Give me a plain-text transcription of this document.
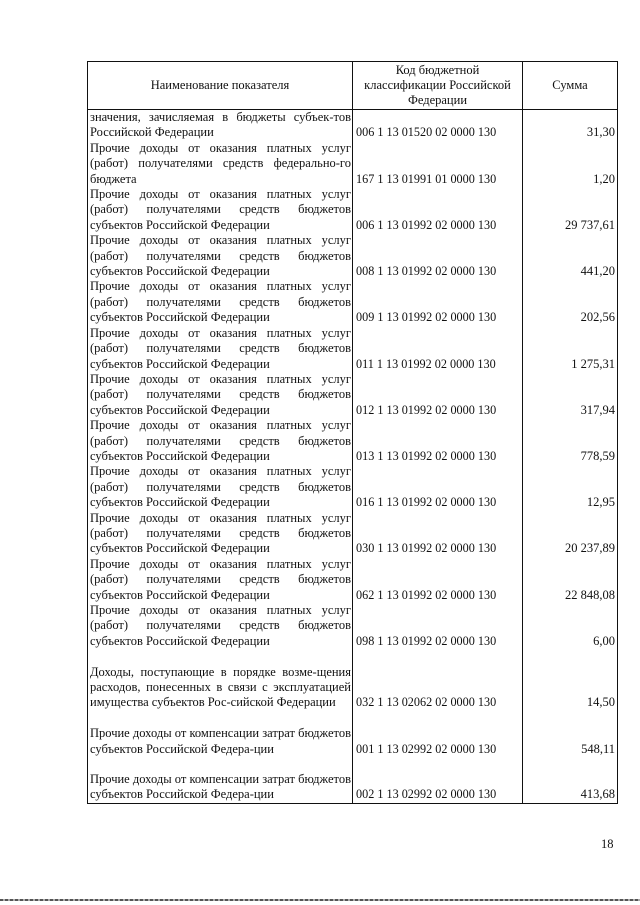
Наименование показателя	Код бюджетной классификации Российской Федерации	Сумма
значения, зачисляемая в бюджеты субъек-тов Российской Федерации	006 1 13 01520 02 0000 130	31,30
Прочие доходы от оказания платных услуг (работ) получателями средств федерально-го бюджета	167 1 13 01991 01 0000 130	1,20
Прочие доходы от оказания платных услуг (работ) получателями средств бюджетов субъектов Российской Федерации	006 1 13 01992 02 0000 130	29 737,61
Прочие доходы от оказания платных услуг (работ) получателями средств бюджетов субъектов Российской Федерации	008 1 13 01992 02 0000 130	441,20
Прочие доходы от оказания платных услуг (работ) получателями средств бюджетов субъектов Российской Федерации	009 1 13 01992 02 0000 130	202,56
Прочие доходы от оказания платных услуг (работ) получателями средств бюджетов субъектов Российской Федерации	011 1 13 01992 02 0000 130	1 275,31
Прочие доходы от оказания платных услуг (работ) получателями средств бюджетов субъектов Российской Федерации	012 1 13 01992 02 0000 130	317,94
Прочие доходы от оказания платных услуг (работ) получателями средств бюджетов субъектов Российской Федерации	013 1 13 01992 02 0000 130	778,59
Прочие доходы от оказания платных услуг (работ) получателями средств бюджетов субъектов Российской Федерации	016 1 13 01992 02 0000 130	12,95
Прочие доходы от оказания платных услуг (работ) получателями средств бюджетов субъектов Российской Федерации	030 1 13 01992 02 0000 130	20 237,89
Прочие доходы от оказания платных услуг (работ) получателями средств бюджетов субъектов Российской Федерации	062 1 13 01992 02 0000 130	22 848,08
Прочие доходы от оказания платных услуг (работ) получателями средств бюджетов субъектов Российской Федерации	098 1 13 01992 02 0000 130	6,00
Доходы, поступающие в порядке возме-щения расходов, понесенных в связи с эксплуатацией имущества субъектов Рос-сийской Федерации	032 1 13 02062 02 0000 130	14,50
Прочие доходы от компенсации затрат бюджетов субъектов Российской Федера-ции	001 1 13 02992 02 0000 130	548,11
Прочие доходы от компенсации затрат бюджетов субъектов Российской Федера-ции	002 1 13 02992 02 0000 130	413,68
18
